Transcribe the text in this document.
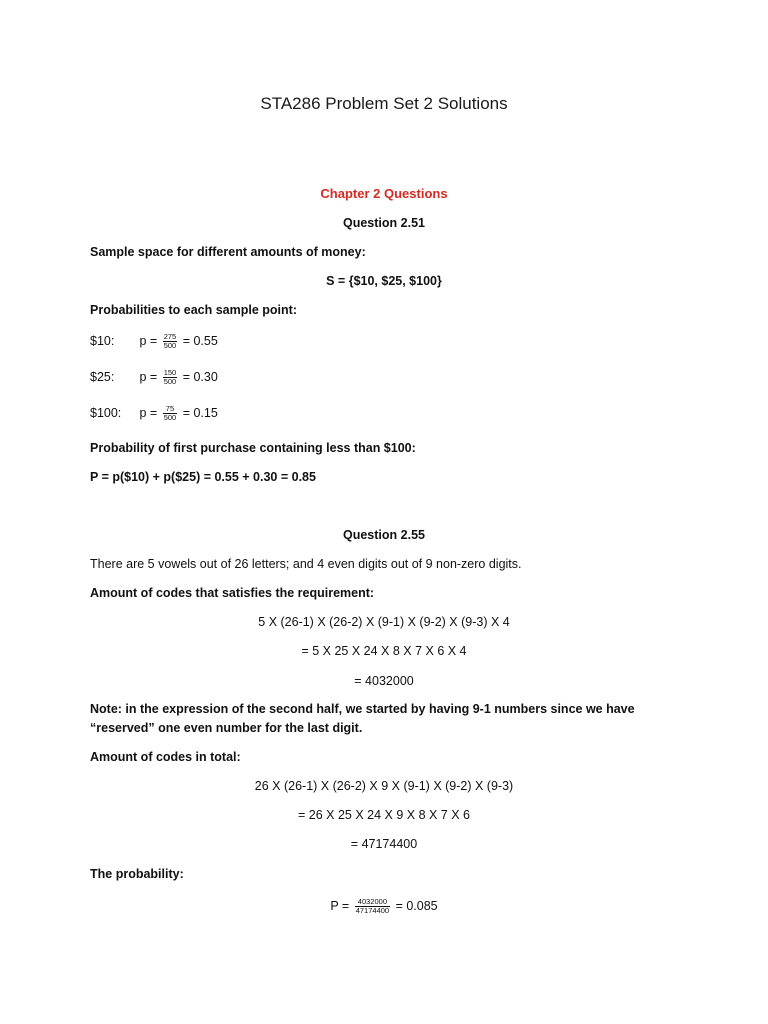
STA286 Problem Set 2 Solutions
Chapter 2 Questions
Question 2.51
Sample space for different amounts of money:
S = {$10, $25, $100}
Probabilities to each sample point:
$10: $p = \frac{275}{500} = 0.55$
$25: $p = \frac{150}{500} = 0.30$
$100: $p = \frac{75}{500} = 0.15$
Probability of first purchase containing less than $100:
P = p($10) + p($25) = 0.55 + 0.30 = 0.85
Question 2.55
There are 5 vowels out of 26 letters; and 4 even digits out of 9 non-zero digits.
Amount of codes that satisfies the requirement:
5 X (26-1) X (26-2) X (9-1) X (9-2) X (9-3) X 4
= 5 X 25 X 24 X 8 X 7 X 6 X 4
= 4032000
Note: in the expression of the second half, we started by having 9-1 numbers since we have “reserved” one even number for the last digit.
Amount of codes in total:
26 X (26-1) X (26-2) X 9 X (9-1) X (9-2) X (9-3)
= 26 X 25 X 24 X 9 X 8 X 7 X 6
= 47174400
The probability:
$P = \frac{4032000}{47174400} = 0.085$
